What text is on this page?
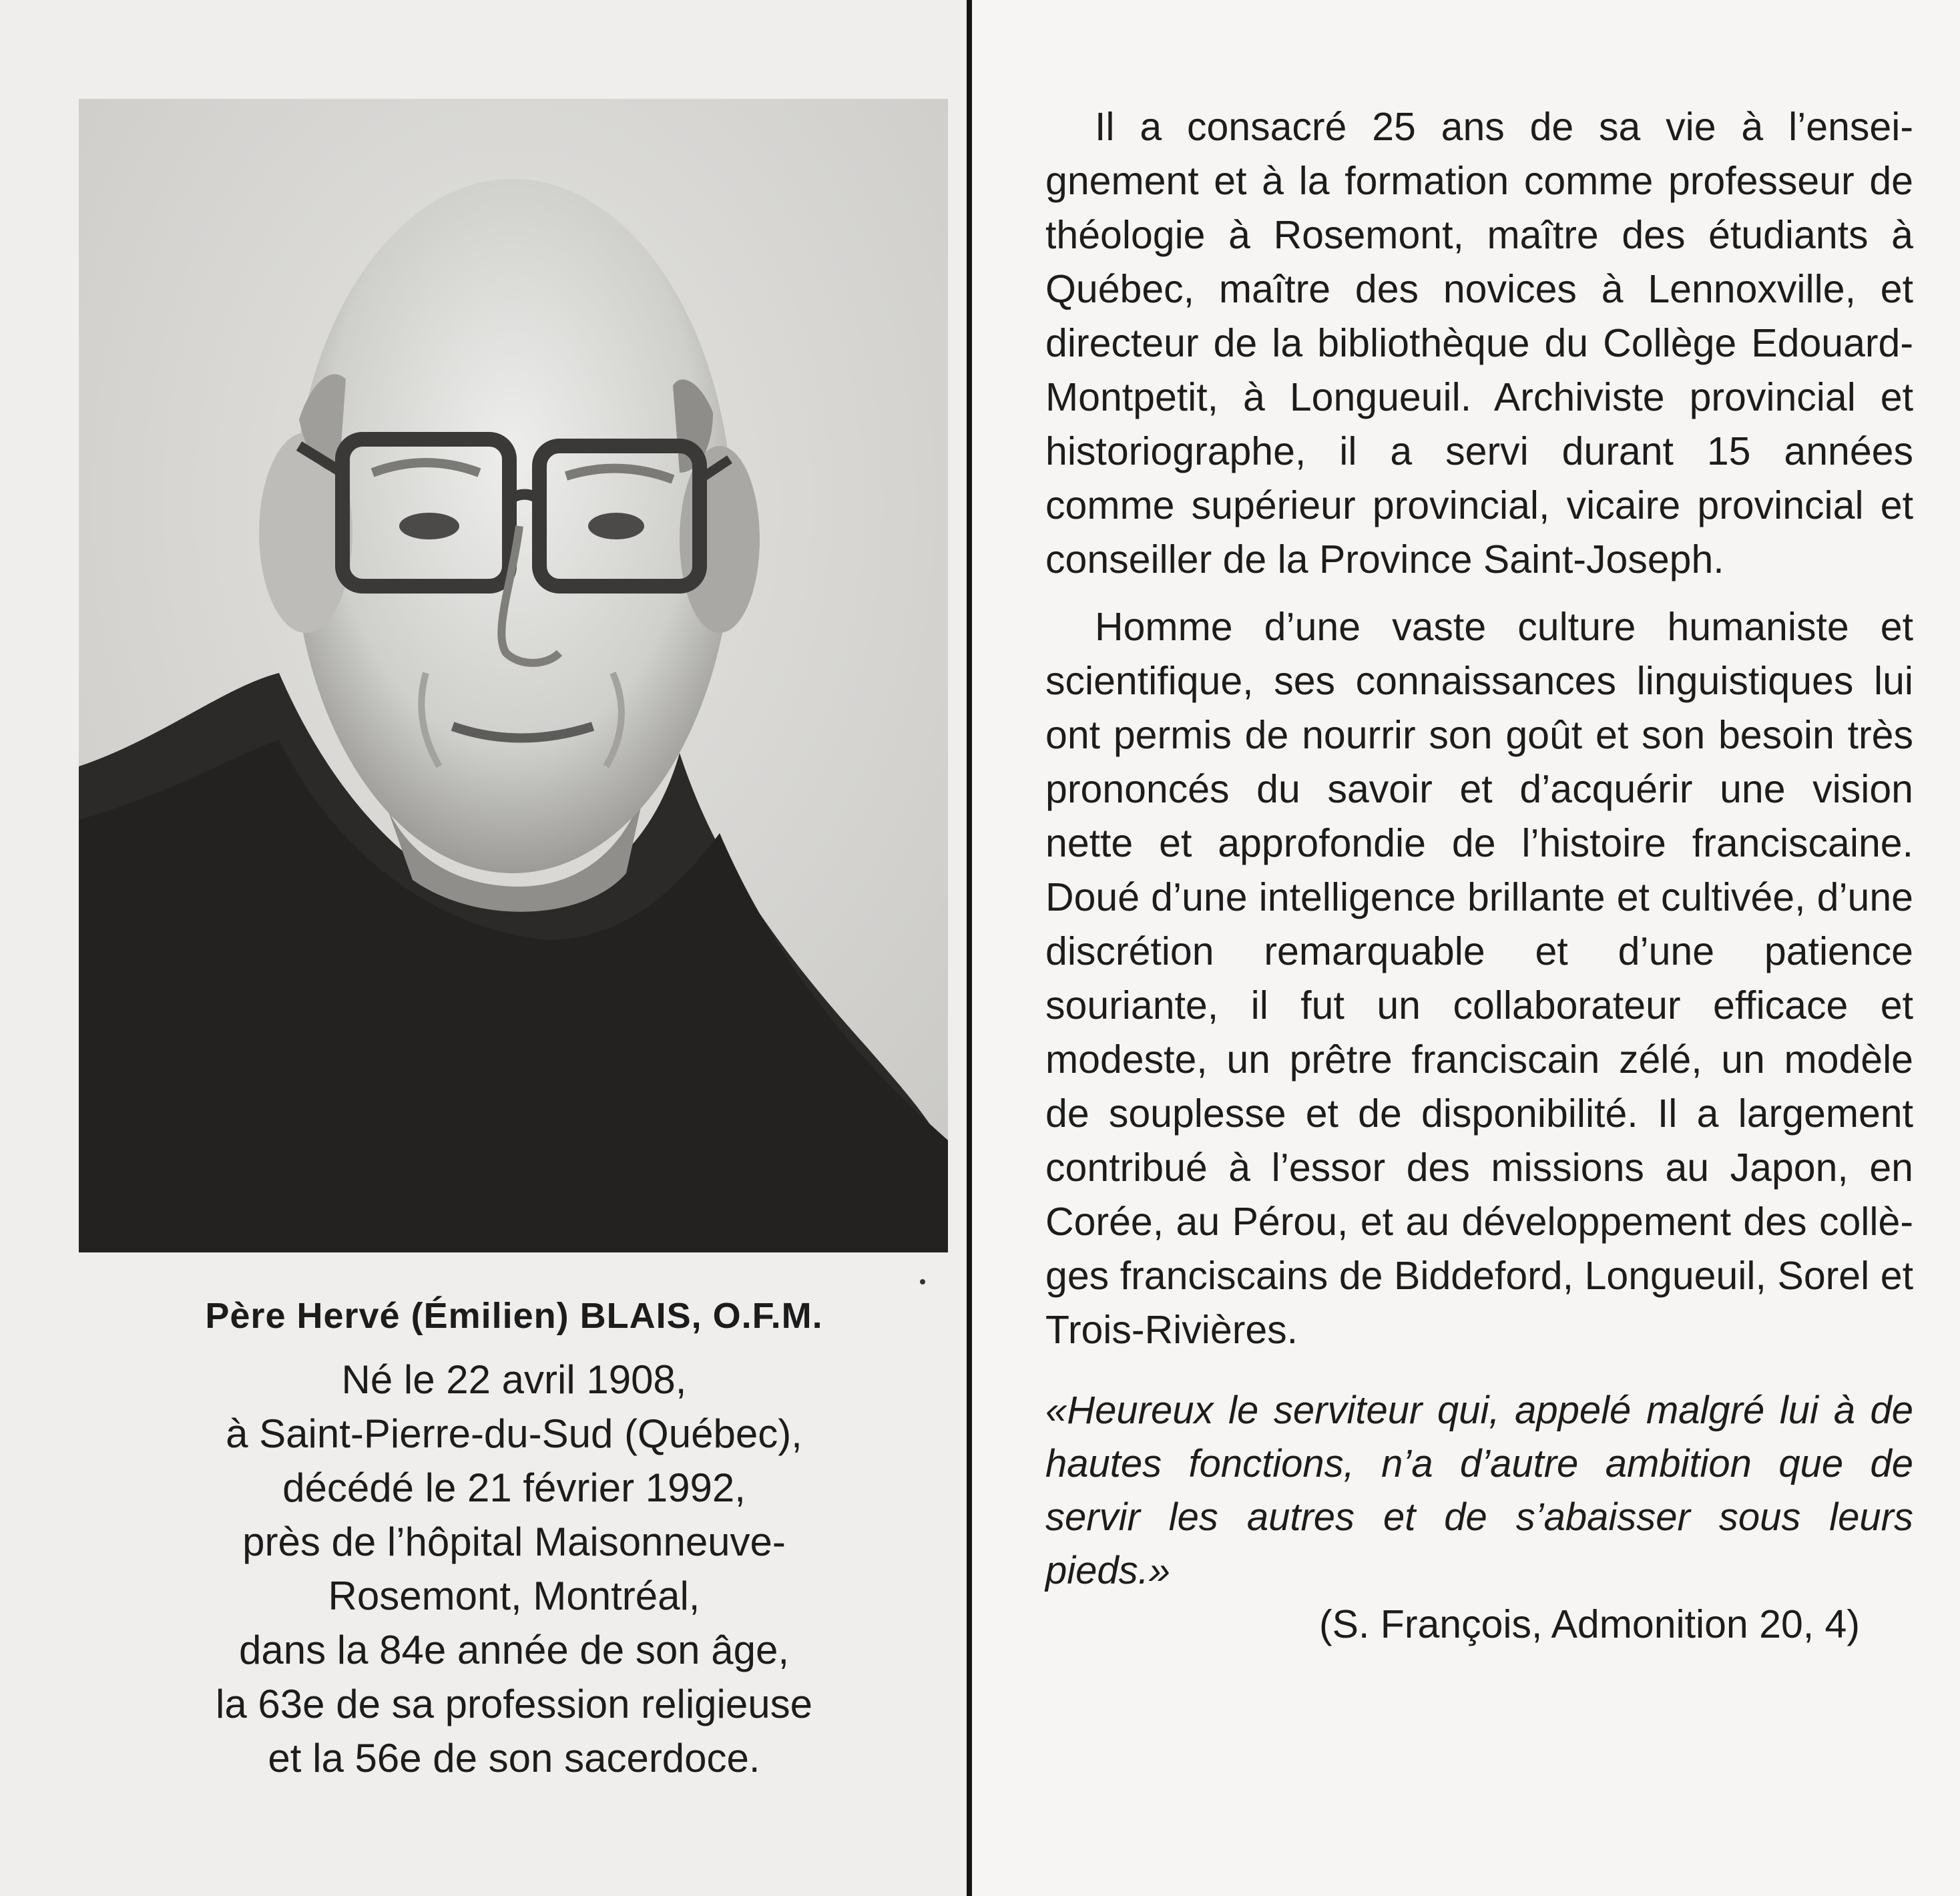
Père Hervé (Émilien) BLAIS, O.F.M.
Né le 22 avril 1908,
à Saint-Pierre-du-Sud (Québec),
décédé le 21 février 1992,
près de l’hôpital Maisonneuve-
Rosemont, Montréal,
dans la 84e année de son âge,
la 63e de sa profession religieuse
et la 56e de son sacerdoce.

Il a consacré 25 ans de sa vie à l’enseignement et à la formation comme professeur de théologie à Rosemont, maître des étudiants à Québec, maître des novices à Lennoxville, et directeur de la bibliothèque du Collège Edouard-Montpetit, à Longueuil. Archiviste provincial et historiographe, il a servi durant 15 années comme supérieur provincial, vicaire provincial et conseiller de la Province Saint-Joseph.

Homme d’une vaste culture humaniste et scientifique, ses connaissances linguistiques lui ont permis de nourrir son goût et son besoin très prononcés du savoir et d’acquérir une vision nette et approfondie de l’histoire franciscaine. Doué d’une intelligence brillante et cultivée, d’une discrétion remarquable et d’une patience souriante, il fut un collaborateur efficace et modeste, un prêtre franciscain zélé, un modèle de souplesse et de disponibilité. Il a largement contribué à l’essor des missions au Japon, en Corée, au Pérou, et au développement des collèges franciscains de Biddeford, Longueuil, Sorel et Trois-Rivières.

«Heureux le serviteur qui, appelé malgré lui à de hautes fonctions, n’a d’autre ambition que de servir les autres et de s’abaisser sous leurs pieds.»

(S. François, Admonition 20, 4)
